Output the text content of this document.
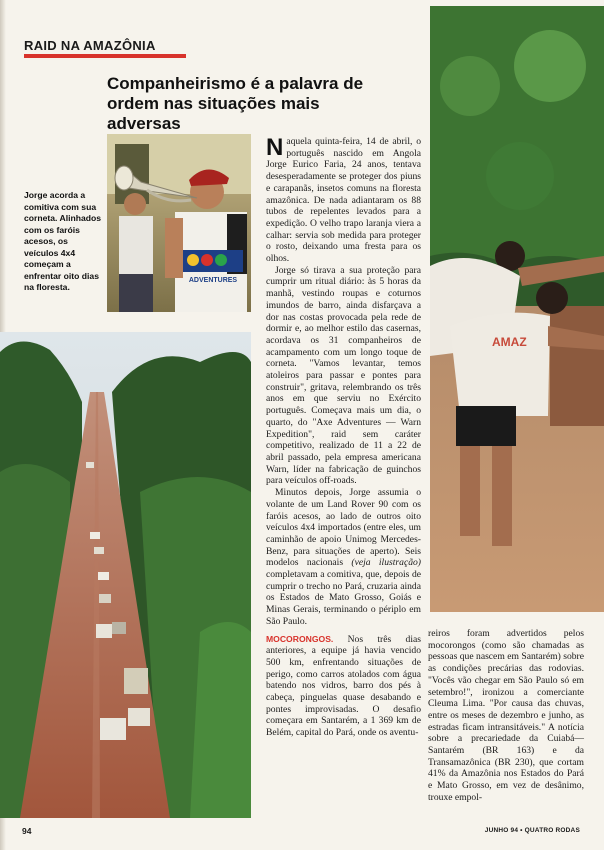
RAID NA AMAZÔNIA
Companheirismo é a palavra de ordem nas situações mais adversas
ADVENTURES
Jorge acorda a comitiva com sua corneta. Alinhados com os faróis acesos, os veículos 4x4 começam a enfrentar oito dias na floresta.
AMAZ

Naquela quinta-feira, 14 de abril, o português nascido em Angola Jorge Eurico Faria, 24 anos, tentava desesperadamente se proteger dos piuns e carapanãs, insetos comuns na floresta amazônica. De nada adiantaram os 88 tubos de repelentes levados para a expedição. O velho trapo laranja viera a calhar: servia sob medida para proteger o rosto, deixando uma fresta para os olhos.

Jorge só tirava a sua proteção para cumprir um ritual diário: às 5 horas da manhã, vestindo roupas e coturnos imundos de barro, ainda disfarçava a dor nas costas provocada pela rede de dormir e, ao melhor estilo das casernas, acordava os 31 companheiros de acampamento com um longo toque de corneta. "Vamos levantar, temos atoleiros para passar e pontes para construir", gritava, relembrando os três anos em que serviu no Exército português. Começava mais um dia, o quarto, do "Axe Adventures — Warn Expedition", raid sem caráter competitivo, realizado de 11 a 22 de abril passado, pela empresa americana Warn, líder na fabricação de guinchos para veículos off-roads.

Minutos depois, Jorge assumia o volante de um Land Rover 90 com os faróis acesos, ao lado de outros oito veículos 4x4 importados (entre eles, um caminhão de apoio Unimog Mercedes-Benz, para situações de aperto). Seis modelos nacionais (veja ilustração) completavam a comitiva, que, depois de cumprir o trecho no Pará, cruzaria ainda os Estados de Mato Grosso, Goiás e Minas Gerais, terminando o périplo em São Paulo.

MOCORONGOS. Nos três dias anteriores, a equipe já havia vencido 500 km, enfrentando situações de perigo, como carros atolados com água batendo nos vidros, barro dos pés à cabeça, pinguelas quase desabando e pontes improvisadas. O desafio começara em Santarém, a 1 369 km de Belém, capital do Pará, onde os aventu-

reiros foram advertidos pelos mocorongos (como são chamadas as pessoas que nascem em Santarém) sobre as condições precárias das rodovias. "Vocês vão chegar em São Paulo só em setembro!", ironizou a comerciante Cleuma Lima. "Por causa das chuvas, entre os meses de dezembro e junho, as estradas ficam intransitáveis." A notícia sobre a precariedade da Cuiabá—Santarém (BR 163) e da Transamazônica (BR 230), que cortam 41% da Amazônia nos Estados do Pará e Mato Grosso, em vez de desânimo, trouxe empol-

94	JUNHO 94 • QUATRO RODAS
